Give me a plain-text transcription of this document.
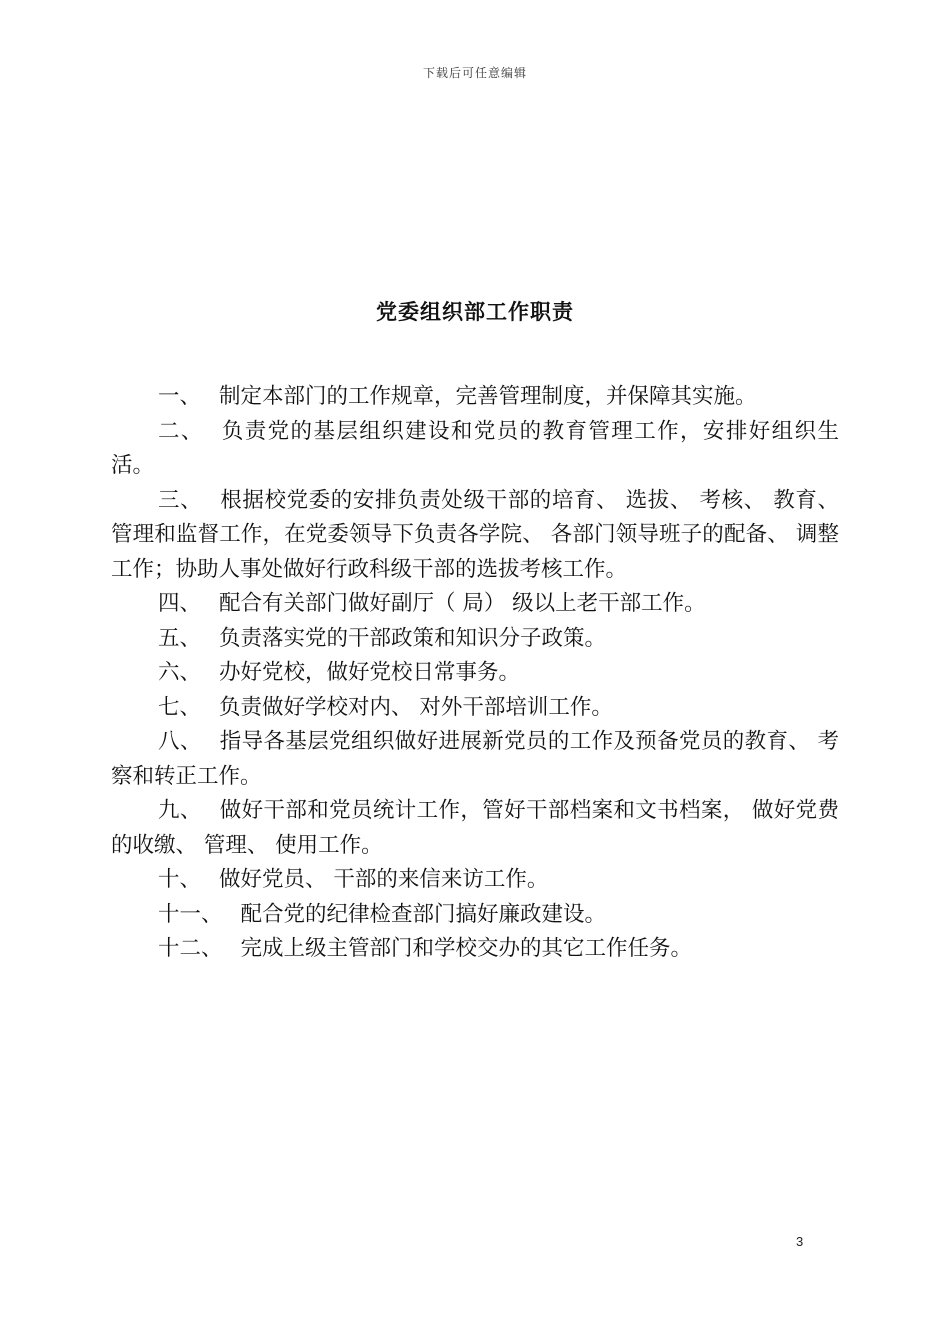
下载后可任意编辑
党委组织部工作职责

一、 制定本部门的工作规章，完善管理制度，并保障其实施。

二、 负责党的基层组织建设和党员的教育管理工作，安排好组织生活。

三、 根据校党委的安排负责处级干部的培育、 选拔、 考核、 教育、 管理和监督工作，在党委领导下负责各学院、 各部门领导班子的配备、 调整工作；协助人事处做好行政科级干部的选拔考核工作。

四、 配合有关部门做好副厅（ 局） 级以上老干部工作。

五、 负责落实党的干部政策和知识分子政策。

六、 办好党校，做好党校日常事务。

七、 负责做好学校对内、 对外干部培训工作。

八、 指导各基层党组织做好进展新党员的工作及预备党员的教育、 考察和转正工作。

九、 做好干部和党员统计工作，管好干部档案和文书档案， 做好党费的收缴、 管理、 使用工作。

十、 做好党员、 干部的来信来访工作。

十一、 配合党的纪律检查部门搞好廉政建设。

十二、 完成上级主管部门和学校交办的其它工作任务。

3
